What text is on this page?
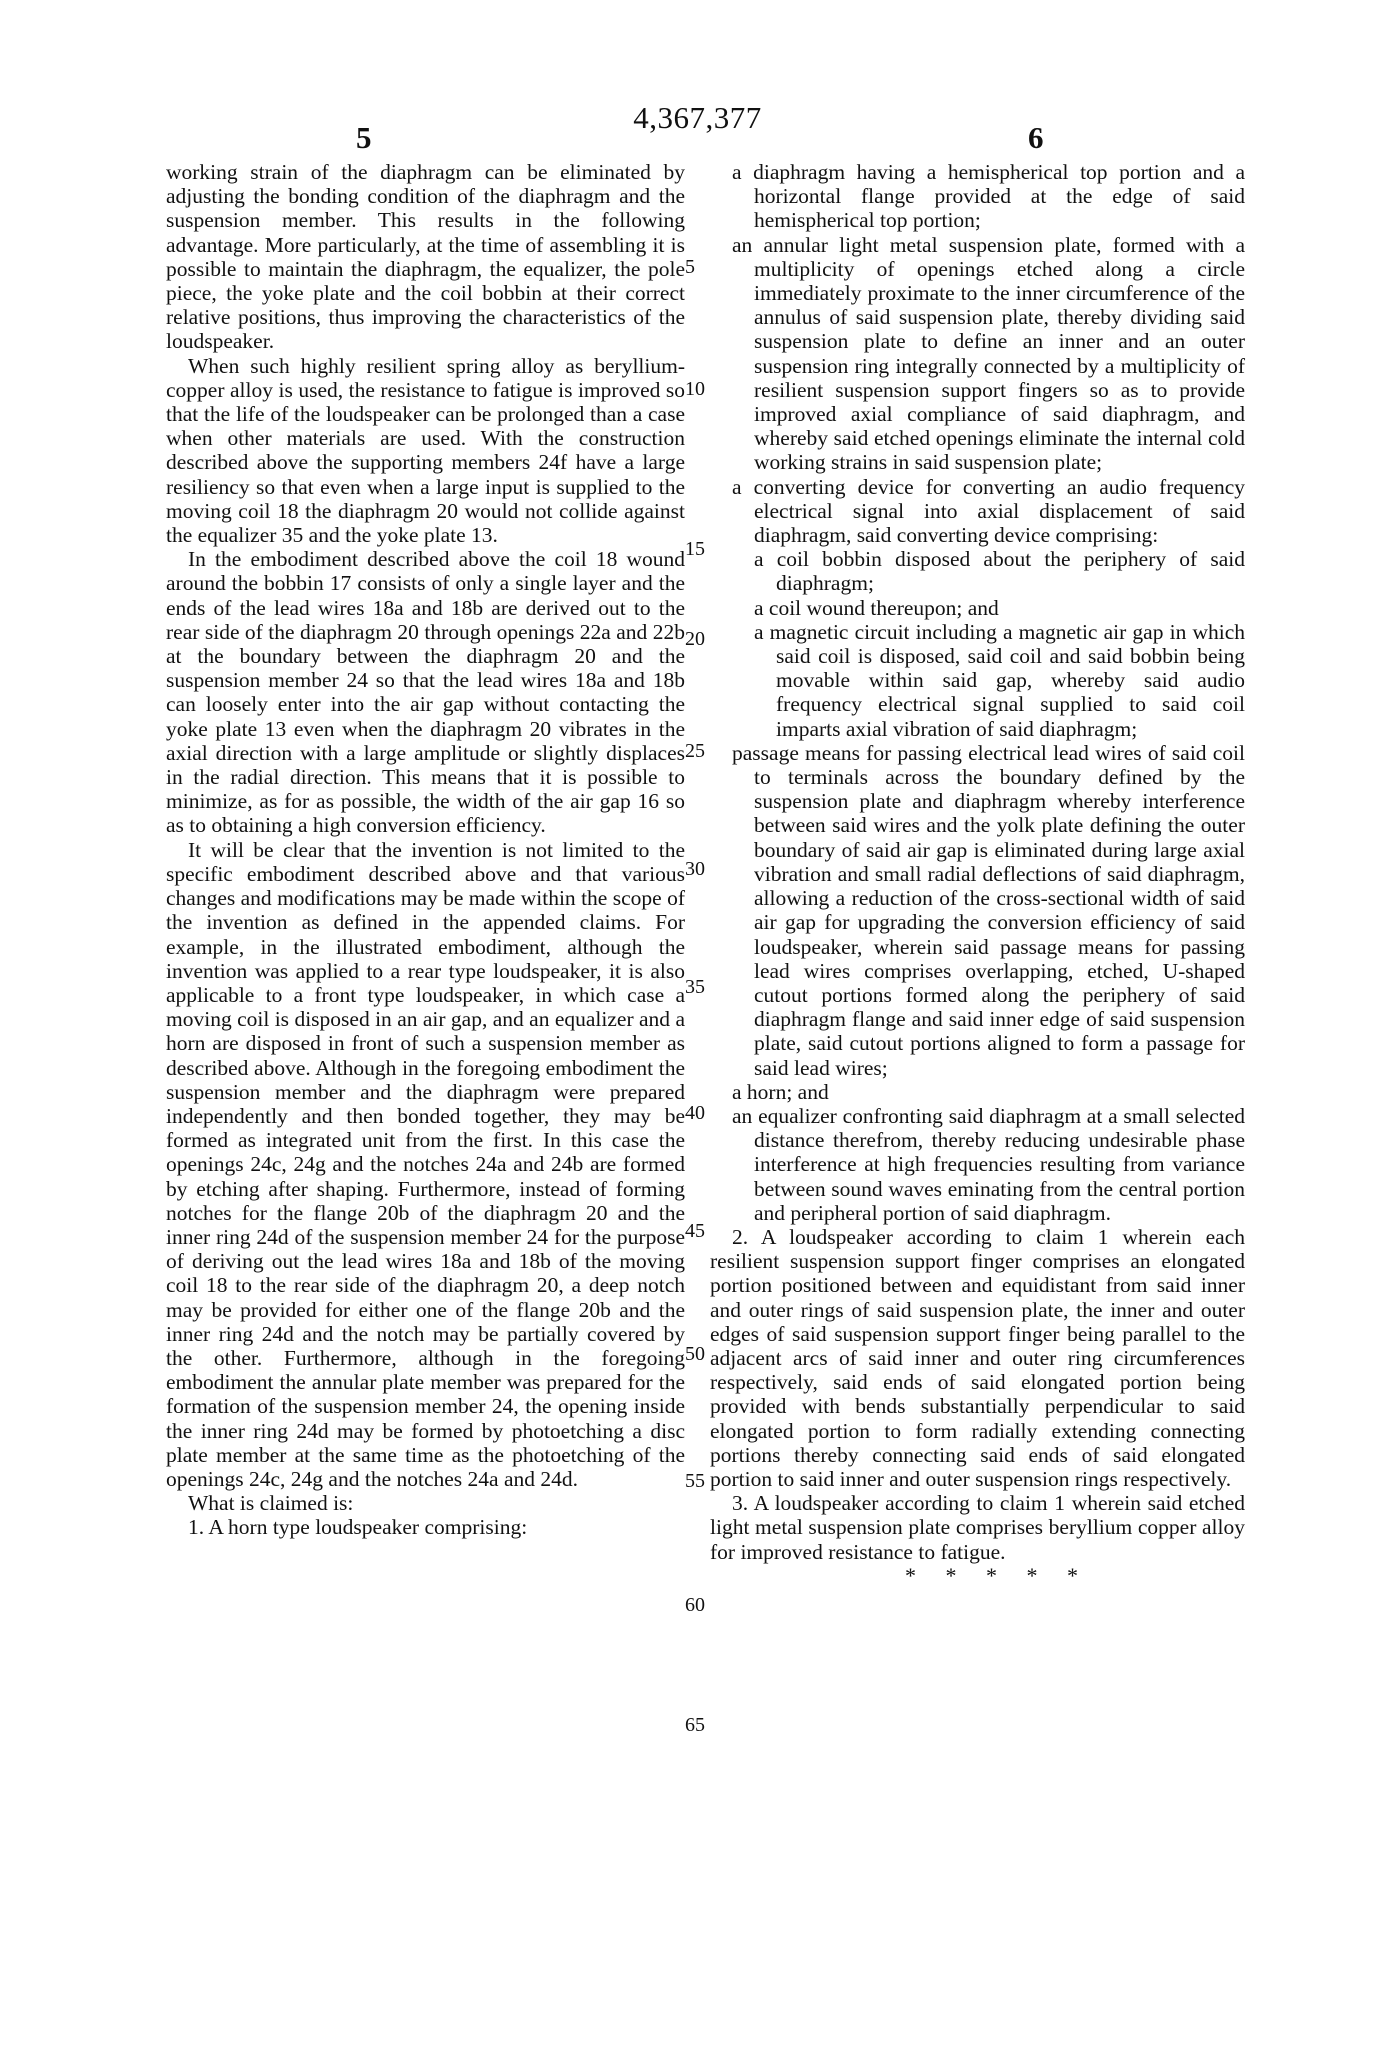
5
4,367,377
6

working strain of the diaphragm can be eliminated by adjusting the bonding condition of the diaphragm and the suspension member. This results in the following advantage. More particularly, at the time of assembling it is possible to maintain the diaphragm, the equalizer, the pole piece, the yoke plate and the coil bobbin at their correct relative positions, thus improving the characteristics of the loudspeaker.

When such highly resilient spring alloy as beryllium-copper alloy is used, the resistance to fatigue is improved so that the life of the loudspeaker can be prolonged than a case when other materials are used. With the construction described above the supporting members 24f have a large resiliency so that even when a large input is supplied to the moving coil 18 the diaphragm 20 would not collide against the equalizer 35 and the yoke plate 13.

In the embodiment described above the coil 18 wound around the bobbin 17 consists of only a single layer and the ends of the lead wires 18a and 18b are derived out to the rear side of the diaphragm 20 through openings 22a and 22b at the boundary between the diaphragm 20 and the suspension member 24 so that the lead wires 18a and 18b can loosely enter into the air gap without contacting the yoke plate 13 even when the diaphragm 20 vibrates in the axial direction with a large amplitude or slightly displaces in the radial direction. This means that it is possible to minimize, as for as possible, the width of the air gap 16 so as to obtaining a high conversion efficiency.

It will be clear that the invention is not limited to the specific embodiment described above and that various changes and modifications may be made within the scope of the invention as defined in the appended claims. For example, in the illustrated embodiment, although the invention was applied to a rear type loudspeaker, it is also applicable to a front type loudspeaker, in which case a moving coil is disposed in an air gap, and an equalizer and a horn are disposed in front of such a suspension member as described above. Although in the foregoing embodiment the suspension member and the diaphragm were prepared independently and then bonded together, they may be formed as integrated unit from the first. In this case the openings 24c, 24g and the notches 24a and 24b are formed by etching after shaping. Furthermore, instead of forming notches for the flange 20b of the diaphragm 20 and the inner ring 24d of the suspension member 24 for the purpose of deriving out the lead wires 18a and 18b of the moving coil 18 to the rear side of the diaphragm 20, a deep notch may be provided for either one of the flange 20b and the inner ring 24d and the notch may be partially covered by the other. Furthermore, although in the foregoing embodiment the annular plate member was prepared for the formation of the suspension member 24, the opening inside the inner ring 24d may be formed by photoetching a disc plate member at the same time as the photoetching of the openings 24c, 24g and the notches 24a and 24d.

What is claimed is:

1. A horn type loudspeaker comprising:

5
10
15
20
25
30
35
40
45
50
55
60
65

a diaphragm having a hemispherical top portion and a horizontal flange provided at the edge of said hemispherical top portion;

an annular light metal suspension plate, formed with a multiplicity of openings etched along a circle immediately proximate to the inner circumference of the annulus of said suspension plate, thereby dividing said suspension plate to define an inner and an outer suspension ring integrally connected by a multiplicity of resilient suspension support fingers so as to provide improved axial compliance of said diaphragm, and whereby said etched openings eliminate the internal cold working strains in said suspension plate;

a converting device for converting an audio frequency electrical signal into axial displacement of said diaphragm, said converting device comprising:

a coil bobbin disposed about the periphery of said diaphragm;

a coil wound thereupon; and

a magnetic circuit including a magnetic air gap in which said coil is disposed, said coil and said bobbin being movable within said gap, whereby said audio frequency electrical signal supplied to said coil imparts axial vibration of said diaphragm;

passage means for passing electrical lead wires of said coil to terminals across the boundary defined by the suspension plate and diaphragm whereby interference between said wires and the yolk plate defining the outer boundary of said air gap is eliminated during large axial vibration and small radial deflections of said diaphragm, allowing a reduction of the cross-sectional width of said air gap for upgrading the conversion efficiency of said loudspeaker, wherein said passage means for passing lead wires comprises overlapping, etched, U-shaped cutout portions formed along the periphery of said diaphragm flange and said inner edge of said suspension plate, said cutout portions aligned to form a passage for said lead wires;

a horn; and

an equalizer confronting said diaphragm at a small selected distance therefrom, thereby reducing undesirable phase interference at high frequencies resulting from variance between sound waves eminating from the central portion and peripheral portion of said diaphragm.

2. A loudspeaker according to claim 1 wherein each resilient suspension support finger comprises an elongated portion positioned between and equidistant from said inner and outer rings of said suspension plate, the inner and outer edges of said suspension support finger being parallel to the adjacent arcs of said inner and outer ring circumferences respectively, said ends of said elongated portion being provided with bends substantially perpendicular to said elongated portion to form radially extending connecting portions thereby connecting said ends of said elongated portion to said inner and outer suspension rings respectively.

3. A loudspeaker according to claim 1 wherein said etched light metal suspension plate comprises beryllium copper alloy for improved resistance to fatigue.

* * * * *
